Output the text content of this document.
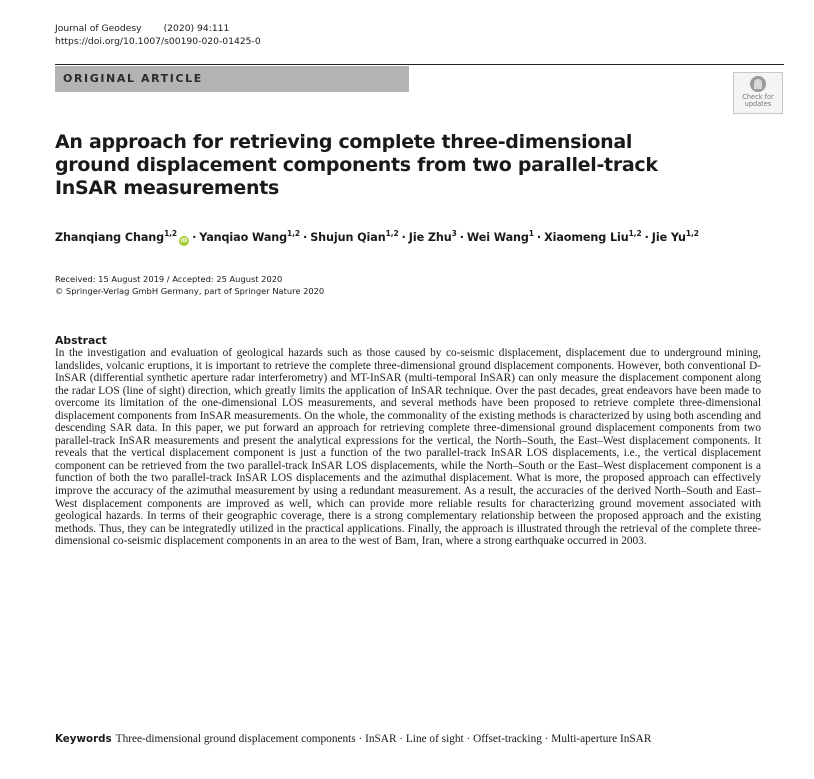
Journal of Geodesy (2020) 94:111
https://doi.org/10.1007/s00190-020-01425-0
ORIGINAL ARTICLE
Check for
updates
An approach for retrieving complete three-dimensional ground displacement components from two parallel-track InSAR measurements
Zhanqiang Chang$^{1,2}$iD · Yanqiao Wang$^{1,2}$ · Shujun Qian$^{1,2}$ · Jie Zhu$^3$ · Wei Wang$^1$ · Xiaomeng Liu$^{1,2}$ · Jie Yu$^{1,2}$
Received: 15 August 2019 / Accepted: 25 August 2020
© Springer-Verlag GmbH Germany, part of Springer Nature 2020
Abstract
In the investigation and evaluation of geological hazards such as those caused by co-seismic displacement, displacement due to underground mining, landslides, volcanic eruptions, it is important to retrieve the complete three-dimensional ground displacement components. However, both conventional D-InSAR (differential synthetic aperture radar interferometry) and MT-InSAR (multi-temporal InSAR) can only measure the displacement component along the radar LOS (line of sight) direction, which greatly limits the application of InSAR technique. Over the past decades, great endeavors have been made to overcome its limitation of the one-dimensional LOS measurements, and several methods have been proposed to retrieve complete three-dimensional displacement components from InSAR measurements. On the whole, the commonality of the existing methods is characterized by using both ascending and descending SAR data. In this paper, we put forward an approach for retrieving complete three-dimensional ground displacement components from two parallel-track InSAR measurements and present the analytical expressions for the vertical, the North–South, the East–West displacement components. It reveals that the vertical displacement component is just a function of the two parallel-track InSAR LOS displacements, i.e., the vertical displacement component can be retrieved from the two parallel-track InSAR LOS displacements, while the North–South or the East–West displacement component is a function of both the two parallel-track InSAR LOS displacements and the azimuthal displacement. What is more, the proposed approach can effectively improve the accuracy of the azimuthal measurement by using a redundant measurement. As a result, the accuracies of the derived North–South and East–West displacement components are improved as well, which can provide more reliable results for characterizing ground movement associated with geological hazards. In terms of their geographic coverage, there is a strong complementary relationship between the proposed approach and the existing methods. Thus, they can be integratedly utilized in the practical applications. Finally, the approach is illustrated through the retrieval of the complete three-dimensional co-seismic displacement components in an area to the west of Bam, Iran, where a strong earthquake occurred in 2003.
Keywords Three-dimensional ground displacement components · InSAR · Line of sight · Offset-tracking · Multi-aperture InSAR
